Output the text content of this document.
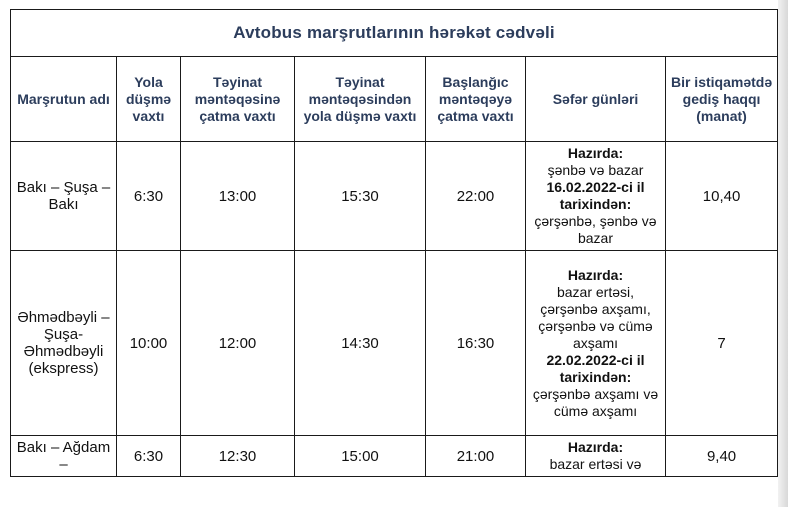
Avtobus marşrutlarının hərəkət cədvəli						
Marşrutun adı	Yola düşmə vaxtı	Təyinat məntəqəsinə çatma vaxtı	Təyinat məntəqəsindən yola düşmə vaxtı	Başlanğıc məntəqəyə çatma vaxtı	Səfər günləri	Bir istiqamətdə gediş haqqı (manat)
Bakı – Şuşa – Bakı	6:30	13:00	15:30	22:00	Hazırda:
şənbə və bazar
16.02.2022-ci il tarixindən:
çərşənbə, şənbə və bazar	10,40
Əhmədbəyli – Şuşa-Əhmədbəyli (ekspress)	10:00	12:00	14:30	16:30	Hazırda:
bazar ertəsi, çərşənbə axşamı, çərşənbə və cümə axşamı
22.02.2022-ci il tarixindən:
çərşənbə axşamı və cümə axşamı	7
Bakı – Ağdam –	6:30	12:30	15:00	21:00	Hazırda:
bazar ertəsi və	9,40
